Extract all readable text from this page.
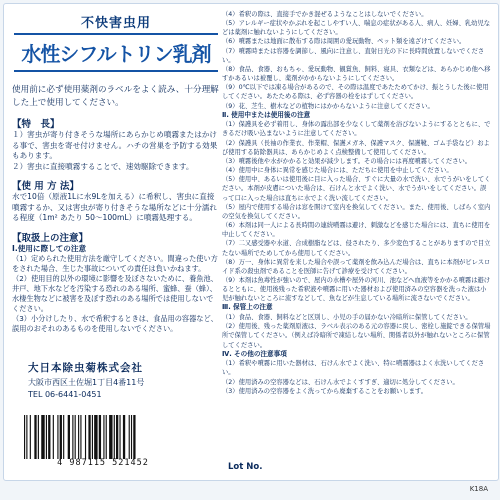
不快害虫用
水性シフルトリン乳剤
使用前に必ず使用薬剤のラベルをよく読み、十分理解した上で使用してください。
【特　長】
１）害虫が寄り付きそうな場所にあらかじめ噴霧またはかける事で、害虫を寄せ付けません。ハチの営巣を予防する効果もあります。
２）害虫に直接噴霧することで、速効駆除できます。
【使 用 方 法】
水で10倍（原液1Lに水9Lを加える）に希釈し、害虫に直接噴霧するか、又は害虫が寄り付きそうな場所などに十分濡れる程度（1m² あたり 50〜100mL）に噴霧処理する。
【取扱上の注意】
Ⅰ.使用に際しての注意
（1）定められた使用方法を厳守してください。間違った使い方をされた場合、生じた事故についての責任は負いかねます。
（2）使用目的以外の環境に影響を及ぼさないために、養魚池、井戸、地下水などを汚染する恐れのある場所、蜜蜂、蚕（蜂）、水棲生物などに被害を及ぼす恐れのある場所では使用しないでください。
（3）小分けしたり、水で希釈するときは、食品用の容器など、誤用のおそれのあるものを使用しないでください。
大日本除虫菊株式会社
大阪市西区土佐堀1丁目4番11号
TEL 06-6441-0451
4 987115 521452
（4）希釈の際は、直接手でかき混ぜるようなことはしないでください。
（5）アレルギー症状やかぶれを起こしやすい人、喘息の症状がある人、病人、妊婦、乳幼児などは薬剤に触れないようにしてください。
（6）噴霧または地面に散布する際は周囲の愛玩動物、ペット類を遠ざけてください。
（7）噴霧時または容器を調節し、風向に注意し、直射日光の下に長時間放置しないでください。
（8）食品、食器、おもちゃ、愛玩動物、観賞魚、飼料、寝具、衣類などは、あらかじめ他へ移すかあるいは被覆し、薬剤がかからないようにしてください。
（9）0℃以下では凍る場合があるので、その際は温度であたためてかけ、振とうした後に使用してください。あたためる際は、必ず容器の栓をはずしてください。
（9）花、芝生、樹木などの植物にはかからないように注意してください。
Ⅱ. 使用中または使用後の注意
（1）保護具を必ず着用し、身体の露出部を少なくして薬剤を浴びないようにするとともに、できるだけ吸い込まないように注意してください。
（2）保護具（長袖の作業衣、作業帽、保護メガネ、保護マスク、保護靴、ゴム手袋など）および使用する防除器具は、あらかじめよく点検整備して使用してください。
（3）噴霧後他や水がかかると効果が減少します。その場合には再度噴霧してください。
（4）使用中に身体に異常を感じた場合には、ただちに使用を中止してください。
（5）使用中、あるいは使用後に目に入った場合、すぐに大量の水で洗い、水でうがいをしてください。本剤が皮膚についた場合は、石けんと水でよく洗い、水でうがいをしてください。誤って口に入った場合は直ちに水でよく洗い流してください。
（5）屋内で使用する場合は窓を開けて室内を換気してください。また、使用後、しばらく室内の空気を換気してください。
（6）本剤は同一人による長時間の連続噴霧は避け、刺激などを感じた場合には、直ちに使用を中止してください。
（7）二又感受器や水道、合成樹脂などは、侵されたり、多少変色することがありますので目立たない場所でためしてから使用してください。
（8）万一、身体に異常を来した場合や誤って薬剤を飲み込んだ場合は、直ちに本剤がピレスロイド系の殺虫剤であることを医師に告げて診療を受けてください。
（9）本剤は魚毒性が強いので、屋内の水槽や屋外の河川、池などへ血液等をかかる噴霧は避けるとともに、使用後残った希釈液や噴霧に用いた器材および使用済みの空容器を洗った液は小児が触れないところに流すなどして、魚などが生息している場所に流さないでください。
Ⅲ. 保管上の注意
（1）食品、食器、飼料などと区別し、小児の手の届かない冷暗所に保管してください。
（2）使用後、残った薬剤原液は、ラベル表示のある元の容器に戻し、密栓し施錠できる保管場所で保管してください。（例えば冷暗所で凍結しない場所、関係者以外が触れないところに保管してください。
Ⅳ. その他の注意事項
（1）希釈や噴霧に用いた器材は、石けん水でよく洗い、特に噴霧器はよく水洗いしてください。
（2）使用済みの空容器などは、石けん水でよくすすぎ、適切に処分してください。
（3）使用済みの空容器をよく洗ってから廃棄することをお願いします。
Lot No.
K18A
